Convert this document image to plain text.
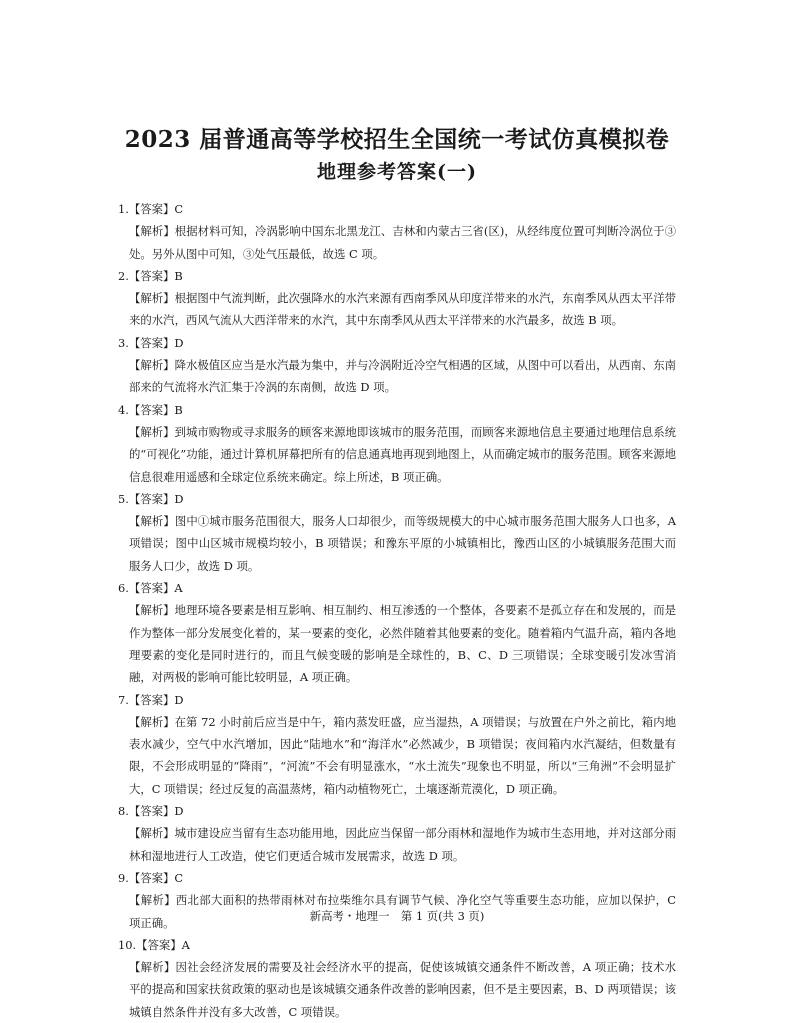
2023 届普通高等学校招生全国统一考试仿真模拟卷
地理参考答案(一)

1.【答案】C

【解析】根据材料可知，冷涡影响中国东北黑龙江、吉林和内蒙古三省(区)，从经纬度位置可判断冷涡位于③处。另外从图中可知，③处气压最低，故选 C 项。

2.【答案】B

【解析】根据图中气流判断，此次强降水的水汽来源有西南季风从印度洋带来的水汽，东南季风从西太平洋带来的水汽，西风气流从大西洋带来的水汽，其中东南季风从西太平洋带来的水汽最多，故选 B 项。

3.【答案】D

【解析】降水极值区应当是水汽最为集中，并与冷涡附近冷空气相遇的区域，从图中可以看出，从西南、东南部来的气流将水汽汇集于冷涡的东南侧，故选 D 项。

4.【答案】B

【解析】到城市购物或寻求服务的顾客来源地即该城市的服务范围，而顾客来源地信息主要通过地理信息系统的“可视化”功能，通过计算机屏幕把所有的信息通真地再现到地图上，从而确定城市的服务范围。顾客来源地信息很难用遥感和全球定位系统来确定。综上所述，B 项正确。

5.【答案】D

【解析】图中①城市服务范围很大，服务人口却很少，而等级规模大的中心城市服务范围大服务人口也多，A 项错误；图中山区城市规模均较小，B 项错误；和豫东平原的小城镇相比，豫西山区的小城镇服务范围大而服务人口少，故选 D 项。

6.【答案】A

【解析】地理环境各要素是相互影响、相互制约、相互渗透的一个整体，各要素不是孤立存在和发展的，而是作为整体一部分发展变化着的，某一要素的变化，必然伴随着其他要素的变化。随着箱内气温升高，箱内各地理要素的变化是同时进行的，而且气候变暖的影响是全球性的，B、C、D 三项错误；全球变暖引发冰雪消融，对两极的影响可能比较明显，A 项正确。

7.【答案】D

【解析】在第 72 小时前后应当是中午，箱内蒸发旺盛，应当湿热，A 项错误；与放置在户外之前比，箱内地表水减少，空气中水汽增加，因此“陆地水”和“海洋水”必然减少，B 项错误；夜间箱内水汽凝结，但数量有限，不会形成明显的“降雨”，“河流”不会有明显涨水，“水土流失”现象也不明显，所以“三角洲”不会明显扩大，C 项错误；经过反复的高温蒸烤，箱内动植物死亡，土壤逐渐荒漠化，D 项正确。

8.【答案】D

【解析】城市建设应当留有生态功能用地，因此应当保留一部分雨林和湿地作为城市生态用地，并对这部分雨林和湿地进行人工改造，使它们更适合城市发展需求，故选 D 项。

9.【答案】C

【解析】西北部大面积的热带雨林对布拉柴维尔具有调节气候、净化空气等重要生态功能，应加以保护，C 项正确。

10.【答案】A

【解析】因社会经济发展的需要及社会经济水平的提高，促使该城镇交通条件不断改善，A 项正确；技术水平的提高和国家扶贫政策的驱动也是该城镇交通条件改善的影响因素，但不是主要因素，B、D 两项错误；该城镇自然条件并没有多大改善，C 项错误。

新高考・地理一　第 1 页(共 3 页)
